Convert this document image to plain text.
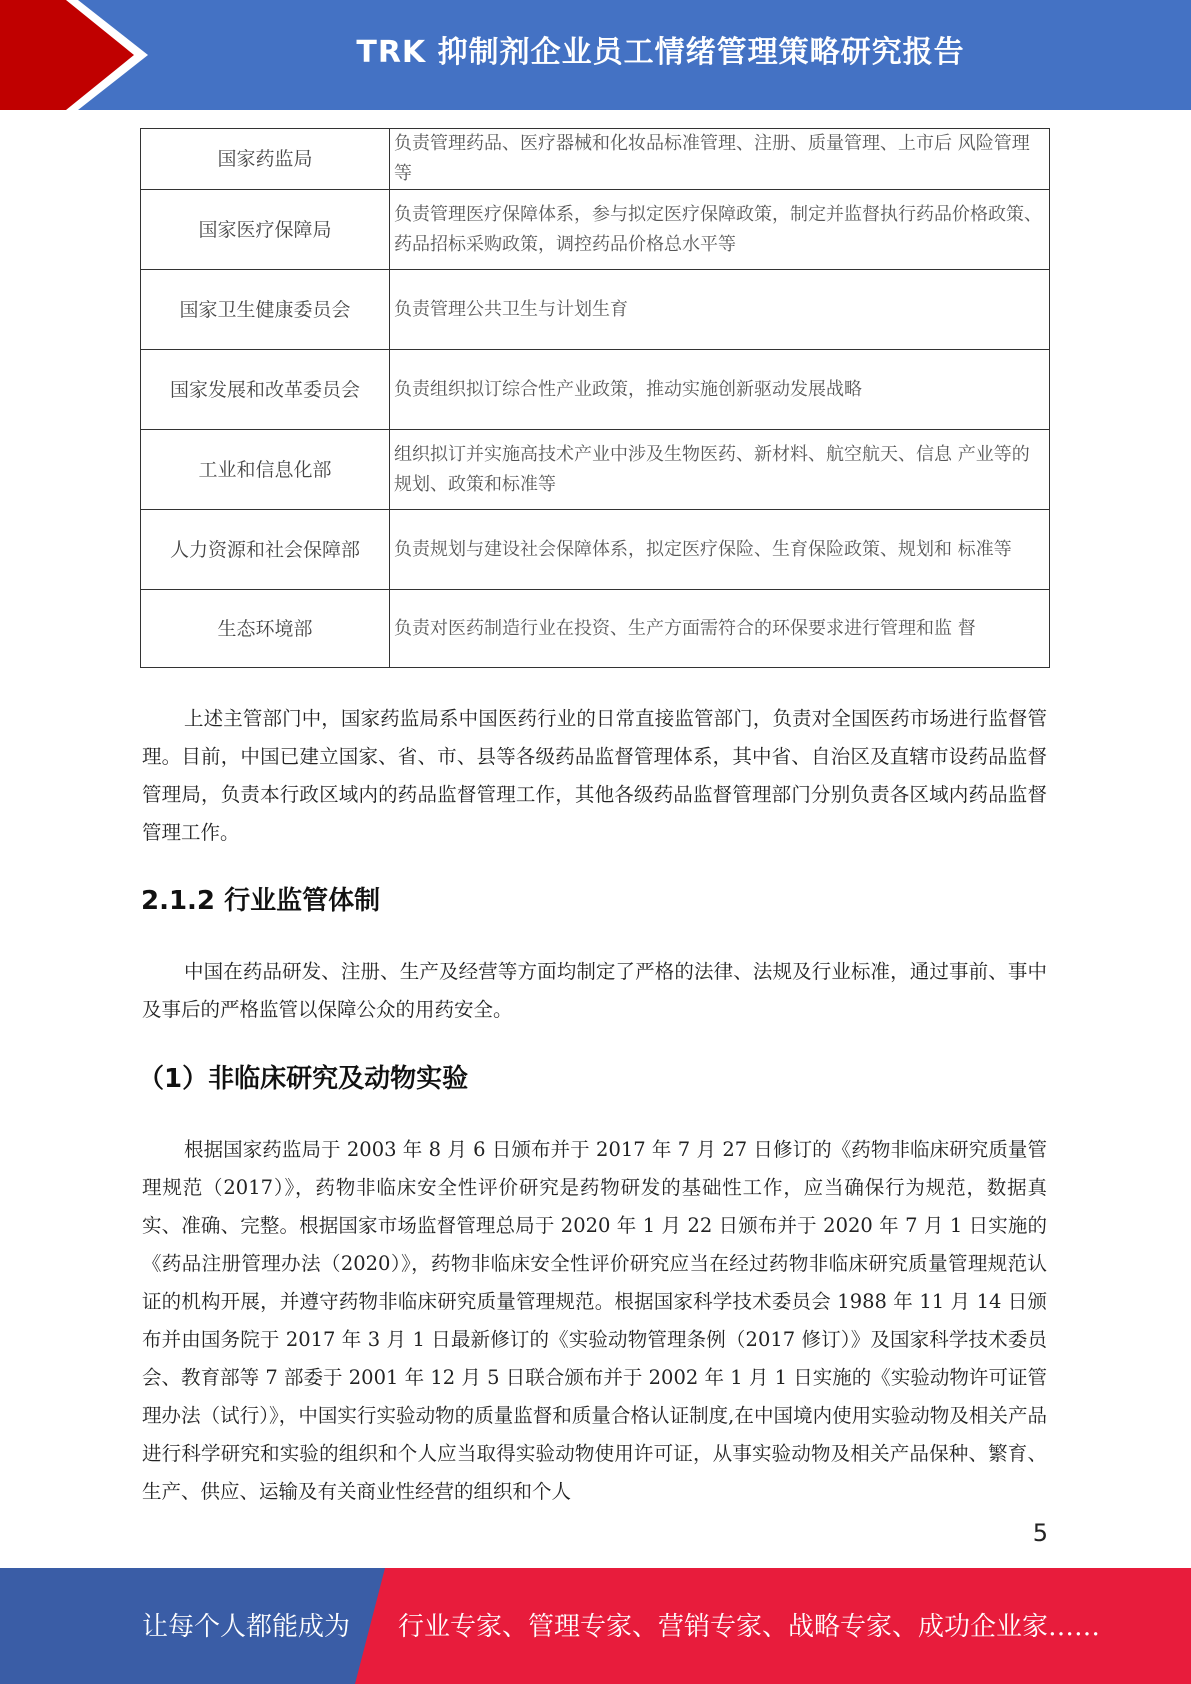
TRK 抑制剂企业员工情绪管理策略研究报告
国家药监局	负责管理药品、医疗器械和化妆品标准管理、注册、质量管理、上市后 风险管理等
国家医疗保障局	负责管理医疗保障体系，参与拟定医疗保障政策，制定并监督执行药品价格政策、药品招标采购政策，调控药品价格总水平等
国家卫生健康委员会	负责管理公共卫生与计划生育
国家发展和改革委员会	负责组织拟订综合性产业政策，推动实施创新驱动发展战略
工业和信息化部	组织拟订并实施高技术产业中涉及生物医药、新材料、航空航天、信息 产业等的规划、政策和标准等
人力资源和社会保障部	负责规划与建设社会保障体系，拟定医疗保险、生育保险政策、规划和 标准等
生态环境部	负责对医药制造行业在投资、生产方面需符合的环保要求进行管理和监 督

上述主管部门中，国家药监局系中国医药行业的日常直接监管部门，负责对全国医药市场进行监督管理。目前，中国已建立国家、省、市、县等各级药品监督管理体系，其中省、自治区及直辖市设药品监督管理局，负责本行政区域内的药品监督管理工作，其他各级药品监督管理部门分别负责各区域内药品监督管理工作。

2.1.2 行业监管体制

中国在药品研发、注册、生产及经营等方面均制定了严格的法律、法规及行业标准，通过事前、事中及事后的严格监管以保障公众的用药安全。

（1）非临床研究及动物实验

根据国家药监局于 2003 年 8 月 6 日颁布并于 2017 年 7 月 27 日修订的《药物非临床研究质量管理规范（2017）》，药物非临床安全性评价研究是药物研发的基础性工作，应当确保行为规范，数据真实、准确、完整。根据国家市场监督管理总局于 2020 年 1 月 22 日颁布并于 2020 年 7 月 1 日实施的《药品注册管理办法（2020）》，药物非临床安全性评价研究应当在经过药物非临床研究质量管理规范认证的机构开展，并遵守药物非临床研究质量管理规范。根据国家科学技术委员会 1988 年 11 月 14 日颁布并由国务院于 2017 年 3 月 1 日最新修订的《实验动物管理条例（2017 修订）》及国家科学技术委员会、教育部等 7 部委于 2001 年 12 月 5 日联合颁布并于 2002 年 1 月 1 日实施的《实验动物许可证管理办法（试行）》，中国实行实验动物的质量监督和质量合格认证制度,在中国境内使用实验动物及相关产品进行科学研究和实验的组织和个人应当取得实验动物使用许可证，从事实验动物及相关产品保种、繁育、生产、供应、运输及有关商业性经营的组织和个人

5
让每个人都能成为 行业专家、管理专家、营销专家、战略专家、成功企业家……
